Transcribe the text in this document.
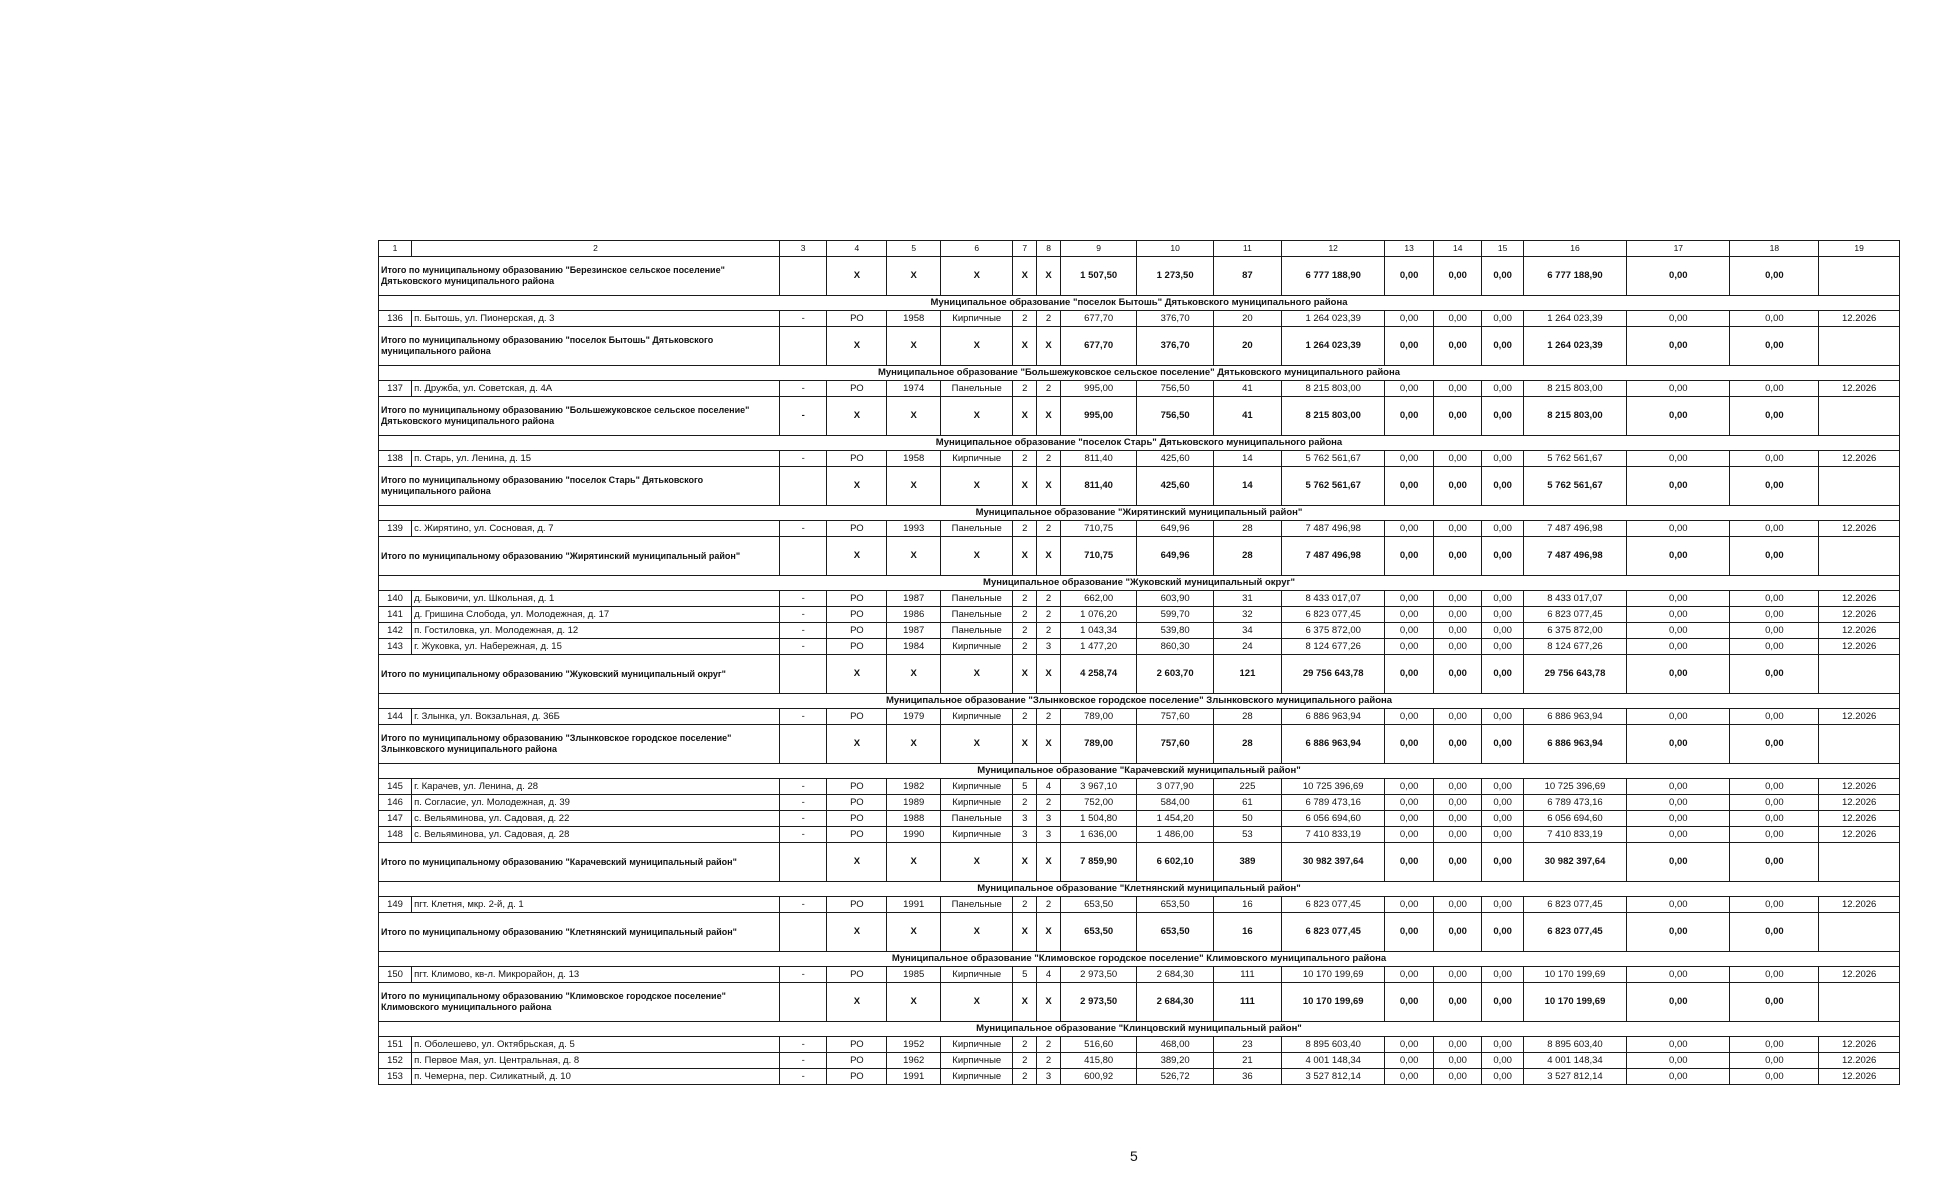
1	2	3	4	5	6	7	8	9	10	11	12	13	14	15	16	17	18	19
Итого по муниципальному образованию "Березинское сельское поселение" Дятьковского муниципального района			X	X	X	X	X	1 507,50	1 273,50	87	6 777 188,90	0,00	0,00	0,00	6 777 188,90	0,00	0,00	
Муниципальное образование "поселок Бытошь" Дятьковского муниципального района																		
136	п. Бытошь, ул. Пионерская, д. 3	-	РО	1958	Кирпичные	2	2	677,70	376,70	20	1 264 023,39	0,00	0,00	0,00	1 264 023,39	0,00	0,00	12.2026
Итого по муниципальному образованию "поселок Бытошь" Дятьковского муниципального района			X	X	X	X	X	677,70	376,70	20	1 264 023,39	0,00	0,00	0,00	1 264 023,39	0,00	0,00	
Муниципальное образование "Большежуковское сельское поселение" Дятьковского муниципального района																		
137	п. Дружба, ул. Советская, д. 4А	-	РО	1974	Панельные	2	2	995,00	756,50	41	8 215 803,00	0,00	0,00	0,00	8 215 803,00	0,00	0,00	12.2026
Итого по муниципальному образованию "Большежуковское сельское поселение" Дятьковского муниципального района		-	X	X	X	X	X	995,00	756,50	41	8 215 803,00	0,00	0,00	0,00	8 215 803,00	0,00	0,00	
Муниципальное образование "поселок Старь" Дятьковского муниципального района																		
138	п. Старь, ул. Ленина, д. 15	-	РО	1958	Кирпичные	2	2	811,40	425,60	14	5 762 561,67	0,00	0,00	0,00	5 762 561,67	0,00	0,00	12.2026
Итого по муниципальному образованию "поселок Старь" Дятьковского муниципального района			X	X	X	X	X	811,40	425,60	14	5 762 561,67	0,00	0,00	0,00	5 762 561,67	0,00	0,00	
Муниципальное образование "Жирятинский муниципальный район"																		
139	с. Жирятино, ул. Сосновая, д. 7	-	РО	1993	Панельные	2	2	710,75	649,96	28	7 487 496,98	0,00	0,00	0,00	7 487 496,98	0,00	0,00	12.2026
Итого по муниципальному образованию "Жирятинский муниципальный район"			X	X	X	X	X	710,75	649,96	28	7 487 496,98	0,00	0,00	0,00	7 487 496,98	0,00	0,00	
Муниципальное образование "Жуковский муниципальный округ"																		
140	д. Быковичи, ул. Школьная, д. 1	-	РО	1987	Панельные	2	2	662,00	603,90	31	8 433 017,07	0,00	0,00	0,00	8 433 017,07	0,00	0,00	12.2026
141	д. Гришина Слобода, ул. Молодежная, д. 17	-	РО	1986	Панельные	2	2	1 076,20	599,70	32	6 823 077,45	0,00	0,00	0,00	6 823 077,45	0,00	0,00	12.2026
142	п. Гостиловка, ул. Молодежная, д. 12	-	РО	1987	Панельные	2	2	1 043,34	539,80	34	6 375 872,00	0,00	0,00	0,00	6 375 872,00	0,00	0,00	12.2026
143	г. Жуковка, ул. Набережная, д. 15	-	РО	1984	Кирпичные	2	3	1 477,20	860,30	24	8 124 677,26	0,00	0,00	0,00	8 124 677,26	0,00	0,00	12.2026
Итого по муниципальному образованию "Жуковский муниципальный округ"			X	X	X	X	X	4 258,74	2 603,70	121	29 756 643,78	0,00	0,00	0,00	29 756 643,78	0,00	0,00	
Муниципальное образование "Злынковское городское поселение" Злынковского муниципального района																		
144	г. Злынка, ул. Вокзальная, д. 36Б	-	РО	1979	Кирпичные	2	2	789,00	757,60	28	6 886 963,94	0,00	0,00	0,00	6 886 963,94	0,00	0,00	12.2026
Итого по муниципальному образованию "Злынковское городское поселение" Злынковского муниципального района			X	X	X	X	X	789,00	757,60	28	6 886 963,94	0,00	0,00	0,00	6 886 963,94	0,00	0,00	
Муниципальное образование "Карачевский муниципальный район"																		
145	г. Карачев, ул. Ленина, д. 28	-	РО	1982	Кирпичные	5	4	3 967,10	3 077,90	225	10 725 396,69	0,00	0,00	0,00	10 725 396,69	0,00	0,00	12.2026
146	п. Согласие, ул. Молодежная, д. 39	-	РО	1989	Кирпичные	2	2	752,00	584,00	61	6 789 473,16	0,00	0,00	0,00	6 789 473,16	0,00	0,00	12.2026
147	с. Вельяминова, ул. Садовая, д. 22	-	РО	1988	Панельные	3	3	1 504,80	1 454,20	50	6 056 694,60	0,00	0,00	0,00	6 056 694,60	0,00	0,00	12.2026
148	с. Вельяминова, ул. Садовая, д. 28	-	РО	1990	Кирпичные	3	3	1 636,00	1 486,00	53	7 410 833,19	0,00	0,00	0,00	7 410 833,19	0,00	0,00	12.2026
Итого по муниципальному образованию "Карачевский муниципальный район"			X	X	X	X	X	7 859,90	6 602,10	389	30 982 397,64	0,00	0,00	0,00	30 982 397,64	0,00	0,00	
Муниципальное образование "Клетнянский муниципальный район"																		
149	пгт. Клетня, мкр. 2-й, д. 1	-	РО	1991	Панельные	2	2	653,50	653,50	16	6 823 077,45	0,00	0,00	0,00	6 823 077,45	0,00	0,00	12.2026
Итого по муниципальному образованию "Клетнянский муниципальный район"			X	X	X	X	X	653,50	653,50	16	6 823 077,45	0,00	0,00	0,00	6 823 077,45	0,00	0,00	
Муниципальное образование "Климовское городское поселение" Климовского муниципального района																		
150	пгт. Климово, кв-л. Микрорайон, д. 13	-	РО	1985	Кирпичные	5	4	2 973,50	2 684,30	111	10 170 199,69	0,00	0,00	0,00	10 170 199,69	0,00	0,00	12.2026
Итого по муниципальному образованию "Климовское городское поселение" Климовского муниципального района			X	X	X	X	X	2 973,50	2 684,30	111	10 170 199,69	0,00	0,00	0,00	10 170 199,69	0,00	0,00	
Муниципальное образование "Клинцовский муниципальный район"																		
151	п. Оболешево, ул. Октябрьская, д. 5	-	РО	1952	Кирпичные	2	2	516,60	468,00	23	8 895 603,40	0,00	0,00	0,00	8 895 603,40	0,00	0,00	12.2026
152	п. Первое Мая, ул. Центральная, д. 8	-	РО	1962	Кирпичные	2	2	415,80	389,20	21	4 001 148,34	0,00	0,00	0,00	4 001 148,34	0,00	0,00	12.2026
153	п. Чемерна, пер. Силикатный, д. 10	-	РО	1991	Кирпичные	2	3	600,92	526,72	36	3 527 812,14	0,00	0,00	0,00	3 527 812,14	0,00	0,00	12.2026
5
